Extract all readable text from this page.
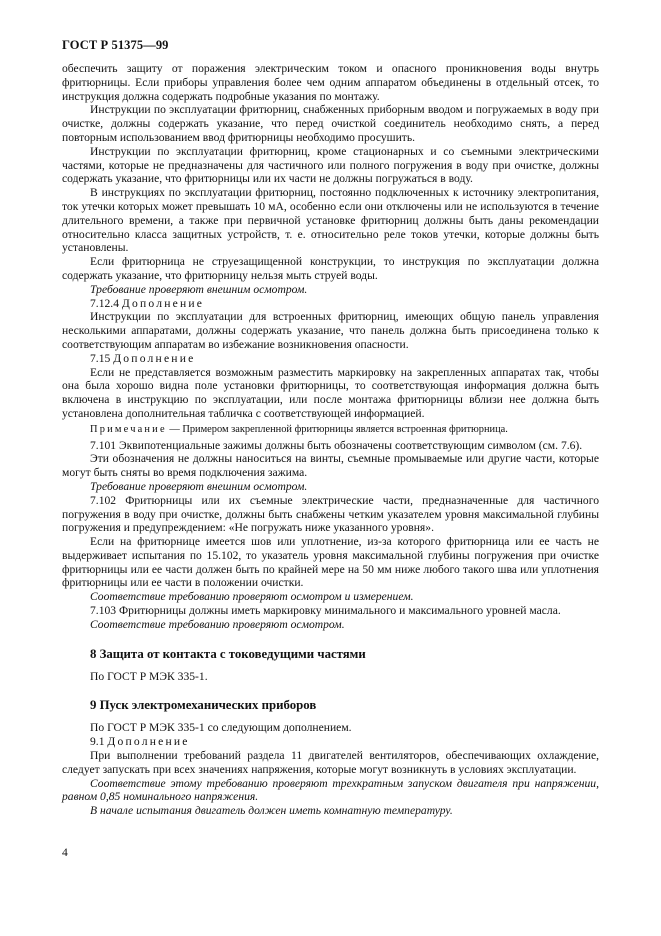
ГОСТ Р 51375—99

обеспечить защиту от поражения электрическим током и опасного проникновения воды внутрь фритюрницы. Если приборы управления более чем одним аппаратом объединены в отдельный отсек, то инструкция должна содержать подробные указания по монтажу.

Инструкции по эксплуатации фритюрниц, снабженных приборным вводом и погружаемых в воду при очистке, должны содержать указание, что перед очисткой соединитель необходимо снять, а перед повторным использованием ввод фритюрницы необходимо просушить.

Инструкции по эксплуатации фритюрниц, кроме стационарных и со съемными электрическими частями, которые не предназначены для частичного или полного погружения в воду при очистке, должны содержать указание, что фритюрницы или их части не должны погружаться в воду.

В инструкциях по эксплуатации фритюрниц, постоянно подключенных к источнику электропитания, ток утечки которых может превышать 10 мА, особенно если они отключены или не используются в течение длительного времени, а также при первичной установке фритюрниц должны быть даны рекомендации относительно класса защитных устройств, т. е. относительно реле токов утечки, которые должны быть установлены.

Если фритюрница не струезащищенной конструкции, то инструкция по эксплуатации должна содержать указание, что фритюрницу нельзя мыть струей воды.

Требование проверяют внешним осмотром.

7.12.4 Дополнение

Инструкции по эксплуатации для встроенных фритюрниц, имеющих общую панель управления несколькими аппаратами, должны содержать указание, что панель должна быть присоединена только к соответствующим аппаратам во избежание возникновения опасности.

7.15 Дополнение

Если не представляется возможным разместить маркировку на закрепленных аппаратах так, чтобы она была хорошо видна поле установки фритюрницы, то соответствующая информация должна быть включена в инструкцию по эксплуатации, или после монтажа фритюрницы вблизи нее должна быть установлена дополнительная табличка с соответствующей информацией.

Примечание — Примером закрепленной фритюрницы является встроенная фритюрница.

7.101 Эквипотенциальные зажимы должны быть обозначены соответствующим символом (см. 7.6).

Эти обозначения не должны наноситься на винты, съемные промываемые или другие части, которые могут быть сняты во время подключения зажима.

Требование проверяют внешним осмотром.

7.102 Фритюрницы или их съемные электрические части, предназначенные для частичного погружения в воду при очистке, должны быть снабжены четким указателем уровня максимальной глубины погружения и предупреждением: «Не погружать ниже указанного уровня».

Если на фритюрнице имеется шов или уплотнение, из-за которого фритюрница или ее часть не выдерживает испытания по 15.102, то указатель уровня максимальной глубины погружения при очистке фритюрницы или ее части должен быть по крайней мере на 50 мм ниже любого такого шва или уплотнения фритюрницы или ее части в положении очистки.

Соответствие требованию проверяют осмотром и измерением.

7.103 Фритюрницы должны иметь маркировку минимального и максимального уровней масла.

Соответствие требованию проверяют осмотром.

8 Защита от контакта с токоведущими частями

По ГОСТ Р МЭК 335-1.

9 Пуск электромеханических приборов

По ГОСТ Р МЭК 335-1 со следующим дополнением.

9.1 Дополнение

При выполнении требований раздела 11 двигателей вентиляторов, обеспечивающих охлаждение, следует запускать при всех значениях напряжения, которые могут возникнуть в условиях эксплуатации.

Соответствие этому требованию проверяют трехкратным запуском двигателя при напряжении, равном 0,85 номинального напряжения.

В начале испытания двигатель должен иметь комнатную температуру.

4
